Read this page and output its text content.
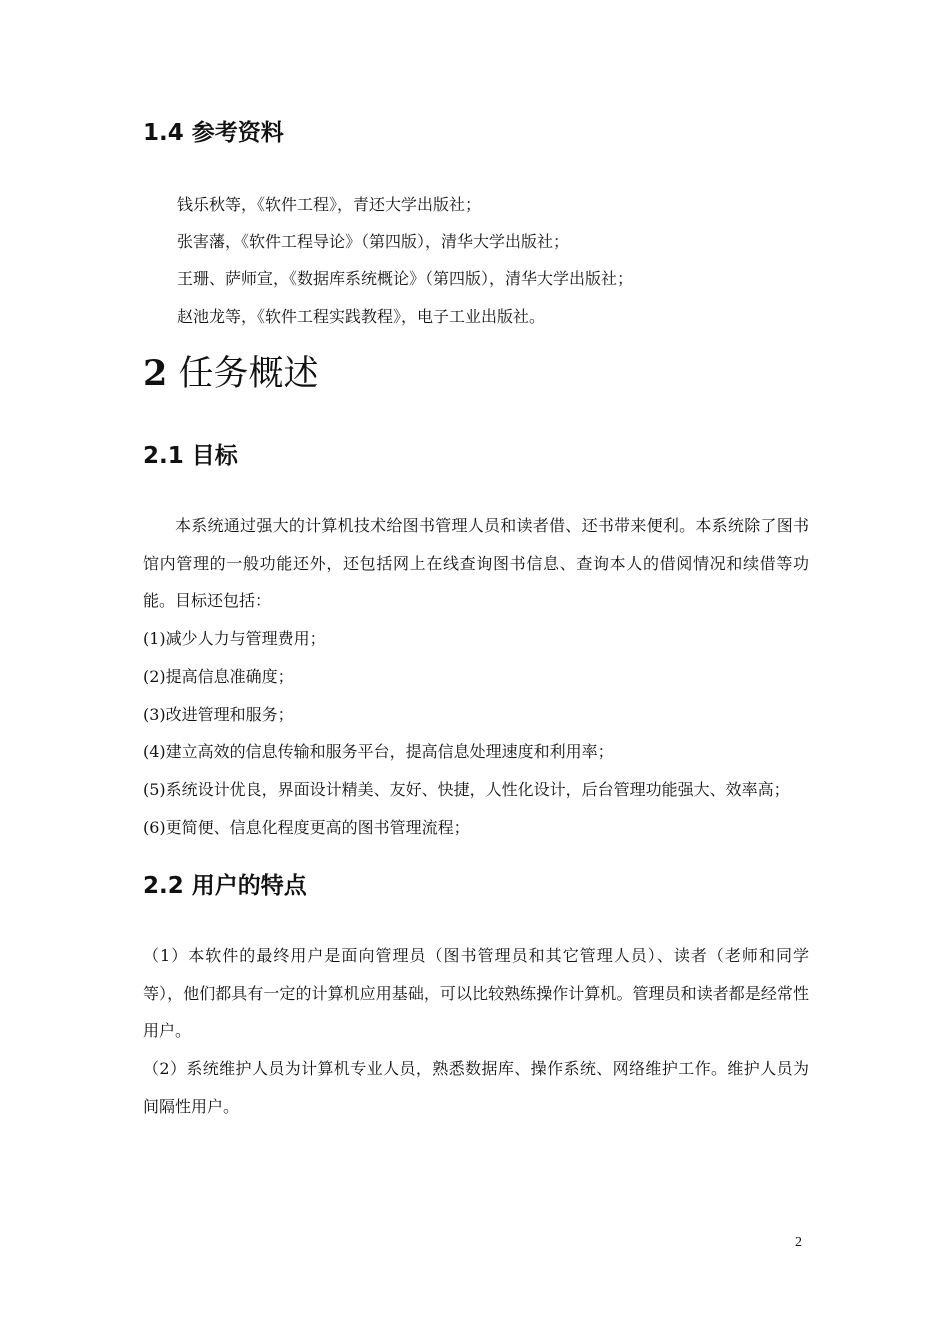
1.4 参考资料
钱乐秋等，《软件工程》，青还大学出版社；
张害藩，《软件工程导论》（第四版），清华大学出版社；
王珊、萨师宣，《数据库系统概论》（第四版），清华大学出版社；
赵池龙等，《软件工程实践教程》，电子工业出版社。
2 任务概述
2.1 目标

本系统通过强大的计算机技术给图书管理人员和读者借、还书带来便利。本系统除了图书馆内管理的一般功能还外，还包括网上在线查询图书信息、查询本人的借阅情况和续借等功能。目标还包括：

(1)减少人力与管理费用；
(2)提高信息准确度；
(3)改进管理和服务；
(4)建立高效的信息传输和服务平台，提高信息处理速度和利用率；
(5)系统设计优良，界面设计精美、友好、快捷，人性化设计，后台管理功能强大、效率高；
(6)更简便、信息化程度更高的图书管理流程；
2.2 用户的特点

（1）本软件的最终用户是面向管理员（图书管理员和其它管理人员）、读者（老师和同学等），他们都具有一定的计算机应用基础，可以比较熟练操作计算机。管理员和读者都是经常性用户。

（2）系统维护人员为计算机专业人员，熟悉数据库、操作系统、网络维护工作。维护人员为间隔性用户。

2
